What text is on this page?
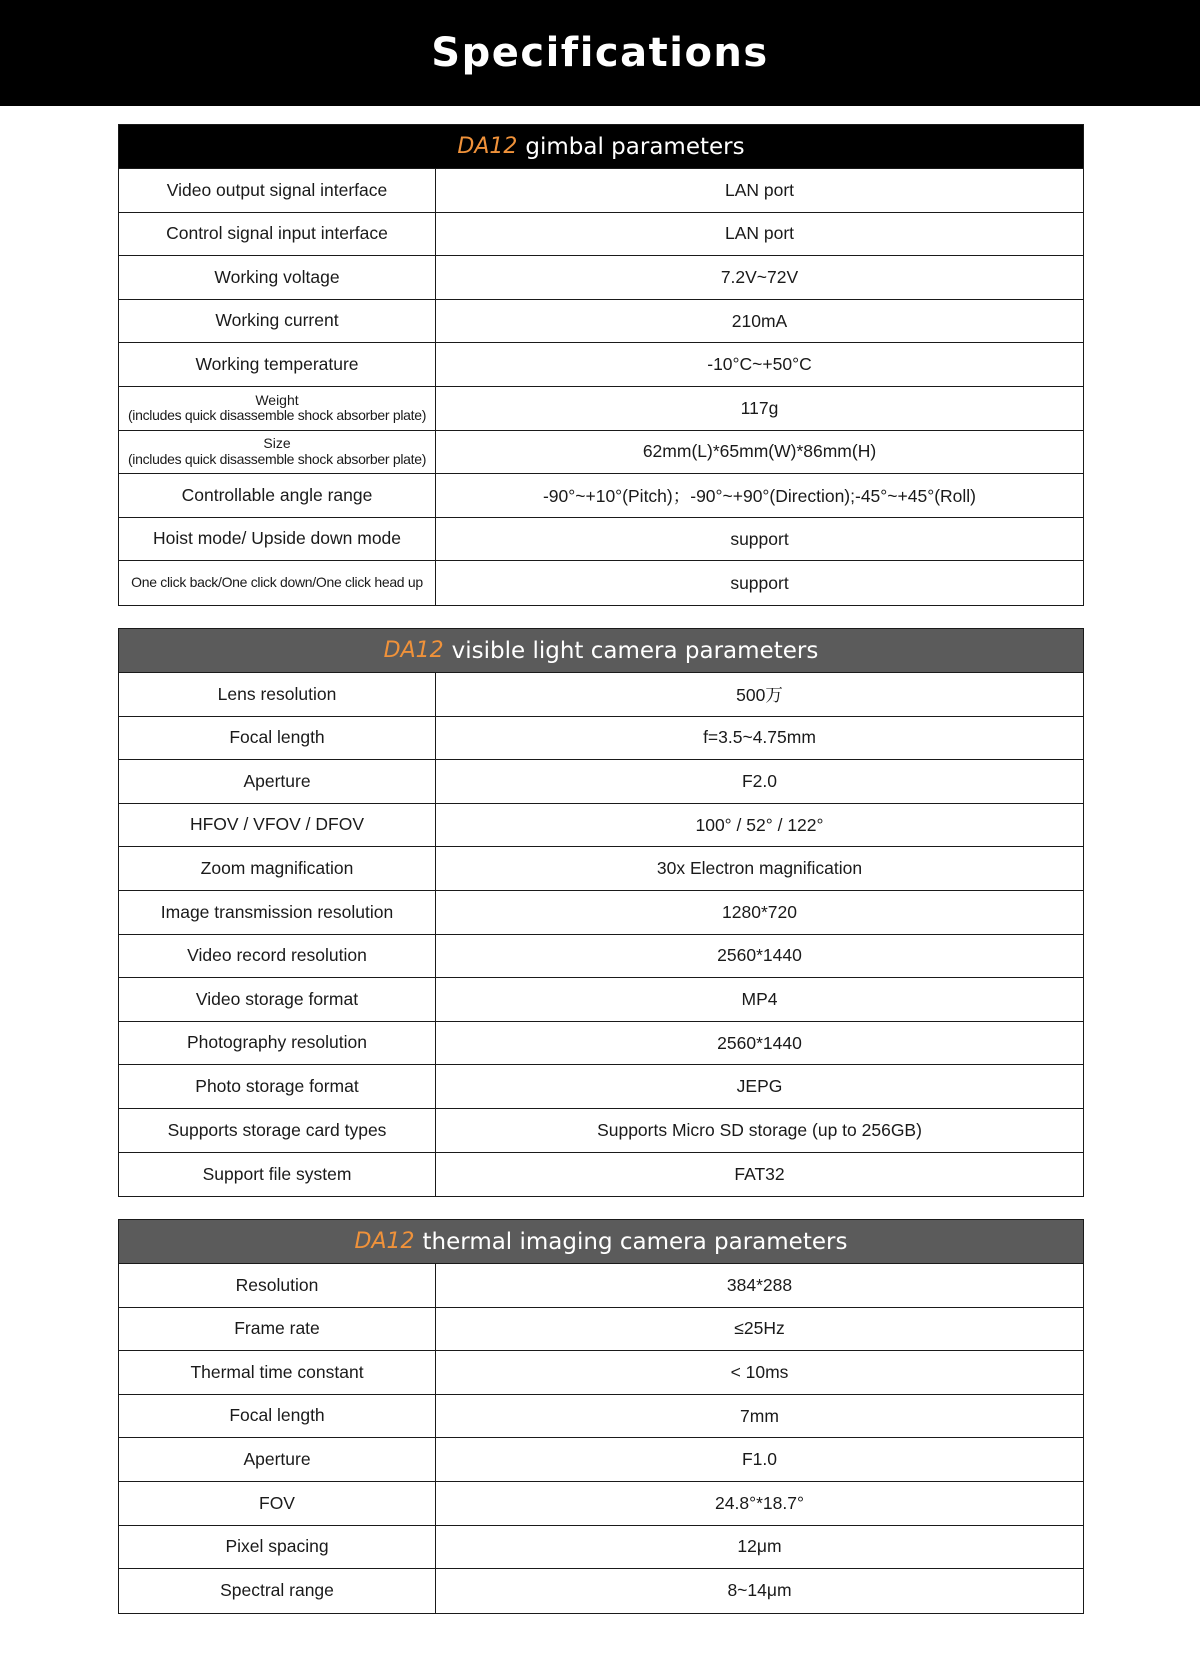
Specifications
DA12 gimbal parameters
Video output signal interface	LAN port
Control signal input interface	LAN port
Working voltage	7.2V~72V
Working current	210mA
Working temperature	-10°C~+50°C
Weight
(includes quick disassemble shock absorber plate)	117g
Size
(includes quick disassemble shock absorber plate)	62mm(L)*65mm(W)*86mm(H)
Controllable angle range	-90°~+10°(Pitch)；-90°~+90°(Direction);-45°~+45°(Roll)
Hoist mode/ Upside down mode	support
One click back/One click down/One click head up	support
DA12 visible light camera parameters
Lens resolution	500万
Focal length	f=3.5~4.75mm
Aperture	F2.0
HFOV / VFOV / DFOV	100° / 52° / 122°
Zoom magnification	30x Electron magnification
Image transmission resolution	1280*720
Video record resolution	2560*1440
Video storage format	MP4
Photography resolution	2560*1440
Photo storage format	JEPG
Supports storage card types	Supports Micro SD storage (up to 256GB)
Support file system	FAT32
DA12 thermal imaging camera parameters
Resolution	384*288
Frame rate	≤25Hz
Thermal time constant	< 10ms
Focal length	7mm
Aperture	F1.0
FOV	24.8°*18.7°
Pixel spacing	12μm
Spectral range	8~14μm
